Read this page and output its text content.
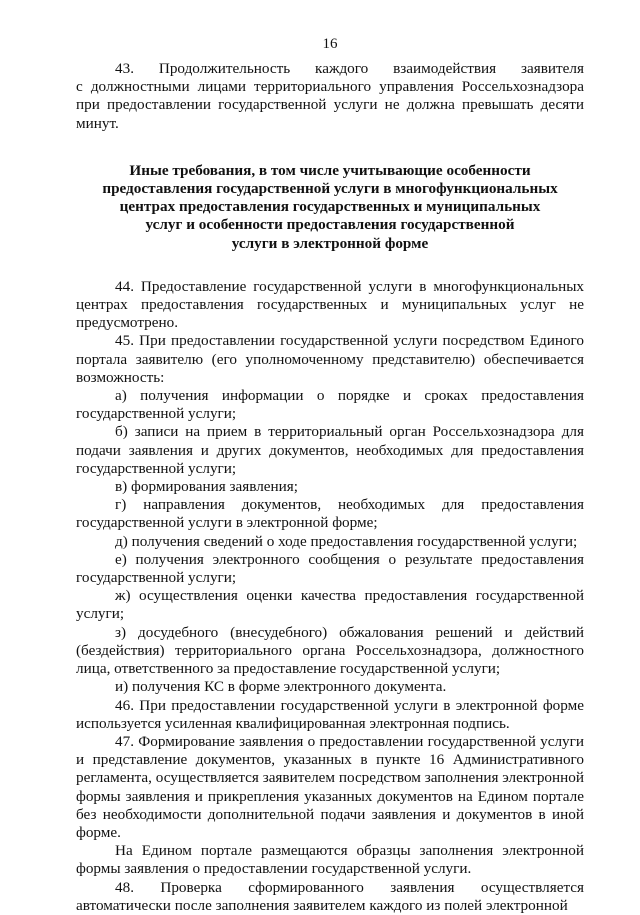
16

43. Продолжительность каждого взаимодействия заявителя

с должностными лицами территориального управления Россельхознадзора при предоставлении государственной услуги не должна превышать десяти минут.

Иные требования, в том числе учитывающие особенности
предоставления государственной услуги в многофункциональных
центрах предоставления государственных и муниципальных
услуг и особенности предоставления государственной
услуги в электронной форме

44. Предоставление государственной услуги в многофункциональных центрах предоставления государственных и муниципальных услуг не предусмотрено.

45. При предоставлении государственной услуги посредством Единого портала заявителю (его уполномоченному представителю) обеспечивается возможность:

а) получения информации о порядке и сроках предоставления государственной услуги;

б) записи на прием в территориальный орган Россельхознадзора для подачи заявления и других документов, необходимых для предоставления государственной услуги;

в) формирования заявления;

г) направления документов, необходимых для предоставления государственной услуги в электронной форме;

д) получения сведений о ходе предоставления государственной услуги;

е) получения электронного сообщения о результате предоставления государственной услуги;

ж) осуществления оценки качества предоставления государственной услуги;

з) досудебного (внесудебного) обжалования решений и действий (бездействия) территориального органа Россельхознадзора, должностного лица, ответственного за предоставление государственной услуги;

и) получения КС в форме электронного документа.

46. При предоставлении государственной услуги в электронной форме используется усиленная квалифицированная электронная подпись.

47. Формирование заявления о предоставлении государственной услуги и представление документов, указанных в пункте 16 Административного регламента, осуществляется заявителем посредством заполнения электронной формы заявления и прикрепления указанных документов на Едином портале без необходимости дополнительной подачи заявления и документов в иной форме.

На Едином портале размещаются образцы заполнения электронной формы заявления о предоставлении государственной услуги.

48. Проверка сформированного заявления осуществляется автоматически после заполнения заявителем каждого из полей электронной
